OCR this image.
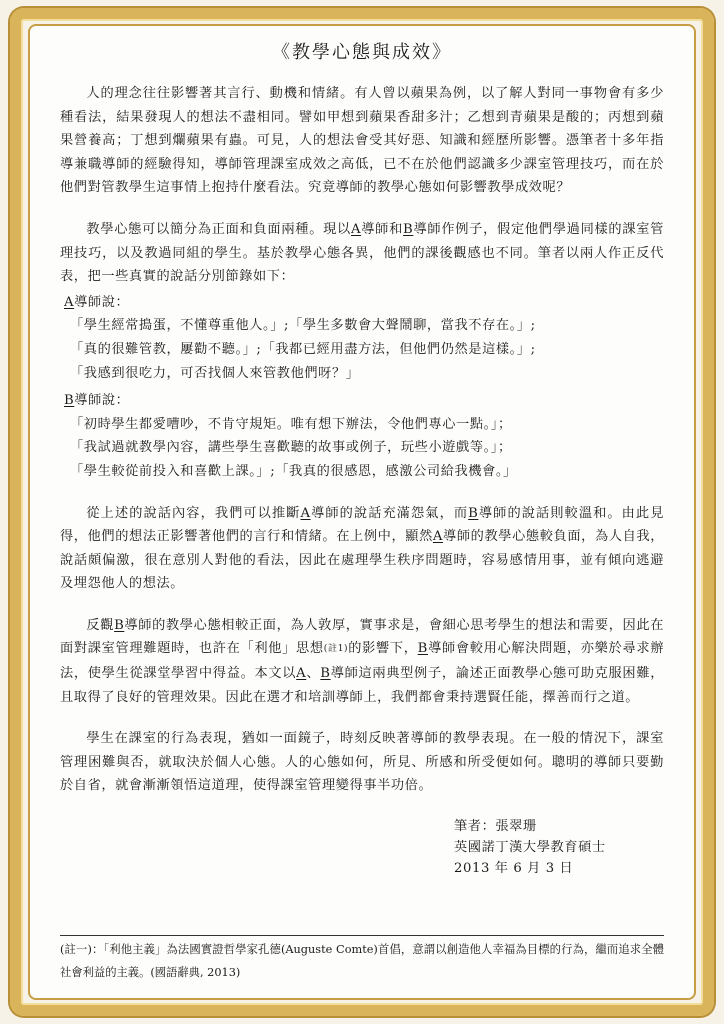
《教學心態與成效》

人的理念往往影響著其言行、動機和情緒。有人曾以蘋果為例，以了解人對同一事物會有多少種看法，結果發現人的想法不盡相同。譬如甲想到蘋果香甜多汁；乙想到青蘋果是酸的；丙想到蘋果營養高；丁想到爛蘋果有蟲。可見，人的想法會受其好惡、知識和經歷所影響。憑筆者十多年指導兼職導師的經驗得知，導師管理課室成效之高低，已不在於他們認識多少課室管理技巧，而在於他們對管教學生這事情上抱持什麼看法。究竟導師的教學心態如何影響教學成效呢？

教學心態可以簡分為正面和負面兩種。現以A導師和B導師作例子，假定他們學過同樣的課室管理技巧，以及教過同組的學生。基於教學心態各異，他們的課後觀感也不同。筆者以兩人作正反代表，把一些真實的說話分別節錄如下：

A導師說：
「學生經常搗蛋，不懂尊重他人。」;「學生多數會大聲鬧聊，當我不存在。」;
「真的很難管教，屢勸不聽。」;「我都已經用盡方法，但他們仍然是這樣。」;
「我感到很吃力，可否找個人來管教他們呀？」
B導師說：
「初時學生都愛嘈吵，不肯守規矩。唯有想下辦法，令他們專心一點。」；
「我試過就教學內容，講些學生喜歡聽的故事或例子，玩些小遊戲等。」；
「學生較從前投入和喜歡上課。」;「我真的很感恩，感激公司給我機會。」

從上述的說話內容，我們可以推斷A導師的說話充滿怨氣，而B導師的說話則較溫和。由此見得，他們的想法正影響著他們的言行和情緒。在上例中，顯然A導師的教學心態較負面，為人自我，說話頗偏激，很在意別人對他的看法，因此在處理學生秩序問題時，容易感情用事，並有傾向逃避及埋怨他人的想法。

反觀B導師的教學心態相較正面，為人敦厚，實事求是，會細心思考學生的想法和需要，因此在面對課室管理難題時，也許在「利他」思想(註1)的影響下，B導師會較用心解決問題，亦樂於尋求辦法，使學生從課堂學習中得益。本文以A、B導師這兩典型例子，論述正面教學心態可助克服困難，且取得了良好的管理效果。因此在選才和培訓導師上，我們都會秉持選賢任能，擇善而行之道。

學生在課室的行為表現，猶如一面鏡子，時刻反映著導師的教學表現。在一般的情況下，課室管理困難與否，就取決於個人心態。人的心態如何，所見、所感和所受便如何。聰明的導師只要勤於自省，就會漸漸領悟這道理，使得課室管理變得事半功倍。

筆者：張翠珊
英國諾丁漢大學教育碩士
2013 年 6 月 3 日
(註一)：「利他主義」為法國實證哲學家孔德(Auguste Comte)首倡，意謂以創造他人幸福為目標的行為，繼而追求全體社會利益的主義。(國語辭典, 2013)
